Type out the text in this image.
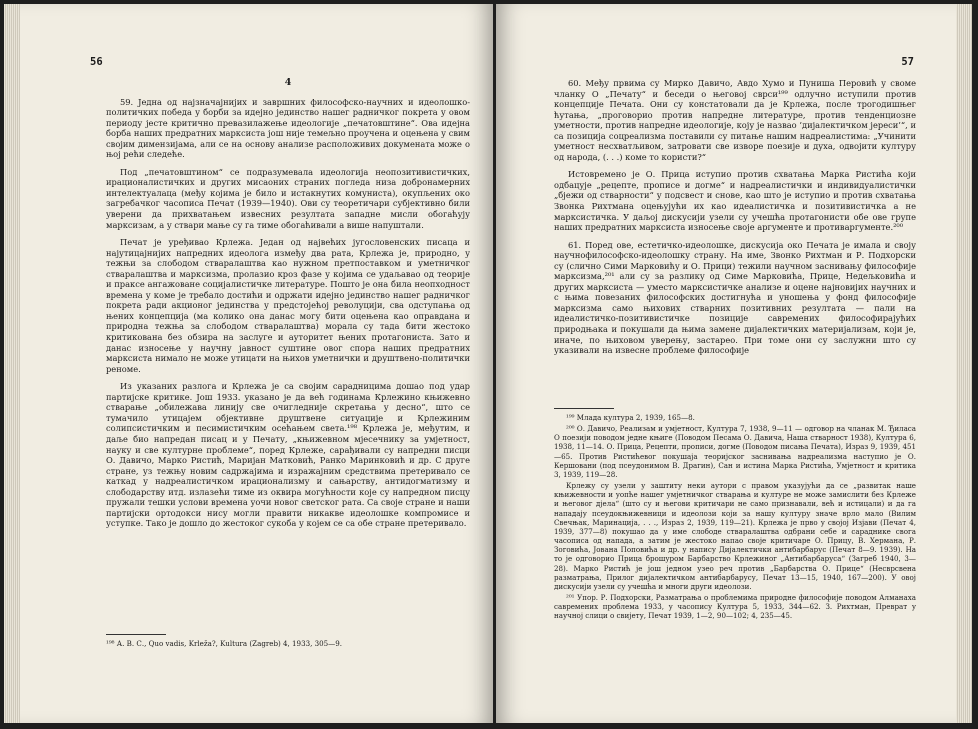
56
4

59. Једна од најзначајнијих и завршних философско-научних и идеолошко-политичких победа у борби за идејно јединство нашег радничког покрета у овом периоду јесте критично превазилажење идеологије „печатовштине“. Ова идејна борба наших предратних марксиста још није темељно проучена и оцењена у свим својим димензијама, али се на основу анализе расположивих докумената може о њој рећи следеће.

Под „печатовштином“ се подразумевала идеологија неопозитивистичких, ирационалистичких и других мисаоних страних погледа низа добронамерних интелектуалаца (међу којима је било и истакнутих комуниста), окупљених око загребачког часописа Печат (1939—1940). Ови су теоретичари субјективно били уверени да прихватањем извесних резултата западне мисли обогаћују марксизам, а у ствари мање су га тиме обогаћивали а више напуштали.

Печат је уређивао Крлежа. Један од највећих југословенских писаца и најутицајнијих напредних идеолога између два рата, Крлежа је, природно, у тежњи за слободом стваралаштва као нужном претпоставком и уметничког стваралаштва и марксизма, пролазио кроз фазе у којима се удаљавао од теорије и праксе ангажоване социјалистичке литературе. Пошто је она била неопходност времена у коме је требало достићи и одржати идејно јединство нашег радничког покрета ради акционог јединства у предстојећој револуцији, сва одступања од њених концепција (ма колико она данас могу бити оцењена као оправдана и природна тежња за слободом стваралаштва) морала су тада бити жестоко критикована без обзира на заслуге и ауторитет њених протагониста. Зато и данас износење у научну јавност суштине овог спора наших предратних марксиста нимало не може утицати на њихов уметнички и друштвено-политички реноме.

Из указаних разлога и Крлежа је са својим сарадницима дошао под удар партијске критике. Још 1933. указано је да већ годинама Крлежино књижевно стварање „обилежава линију све очигледније скретања у десно“, што се тумачило утицајем објективне друштвене ситуације и Крлежиним солипсистичким и песимистичким осећањем света.¹⁹⁸ Крлежа је, међутим, и даље био напредан писац и у Печату, „књижевном мјесечнику за умјетност, науку и све културне проблеме“, поред Крлеже, сарађивали су напредни писци О. Давичо, Марко Ристић, Маријан Матковић, Ранко Маринковић и др. С друге стране, уз тежњу новим садржајима и изражајним средствима претеривало се каткад у надреалистичком ирационализму и сањарству, антидогматизму и слободарству итд. излазећи тиме из оквира могућности које су напредном писцу пружали тешки услови времена уочи новог светског рата. Са своје стране и наши партијски ортодокси нису могли правити никакве идеолошке компромисе и уступке. Тако је дошло до жестоког сукоба у којем се са обе стране претеривало.

¹⁹⁸ А. В. С., Quo vadis, Krleža?, Kultura (Zagreb) 4, 1933, 305—9.

57

60. Међу првима су Мирко Давичо, Авдо Хумо и Пуниша Перовић у своме чланку О „Печату“ и беседи о његовој сврси¹⁹⁹ одлучно иступили против концепције Печата. Они су констатовали да је Крлежа, после трогодишњег ћутања, „проговорио против напредне литературе, против тенденциозне уметности, против напредне идеологије, коју је назвао ’дијалектичком јереси’“, и са позиција соцреализма поставили су питање нашим надреалистима: „Учинити уметност несхватљивом, затровати све изворе поезије и духа, одвојити културу од народа, (. . .) коме то користи?“

Истовремено је О. Прица иступио против схватања Марка Ристића који одбацује „рецепте, прописе и догме“ и надреалистички и индивидуалистички „бјежи од стварности“ у подсвест и снове, као што је иступио и против схватања Звонка Рихтмана оцењујући их као идеалистичка и позитивистичка а не марксистичка. У даљој дискусији узели су учешћа протагонисти обе ове групе наших предратних марксиста износење своје аргументе и противаргументе.²⁰⁰

61. Поред ове, естетичко-идеолошке, дискусија око Печата је имала и своју научнофилософско-идеолошку страну. На име, Звонко Рихтман и Р. Подхорски су (слично Сими Марковићу и О. Прици) тежили научном заснивању философије марксизма,²⁰¹ али су за разлику од Симе Марковића, Прице, Недељковића и других марксиста — уместо марксистичке анализе и оцене најновијих научних и с њима повезаних философских достигнућа и уношења у фонд философије марксизма само њихових стварних позитивних резултата — пали на идеалистичко-позитивистичке позиције савремених философирајућих природњака и покушали да њима замене дијалектичких материјализам, који је, иначе, по њиховом уверењу, застарео. При томе они су заслужни што су указивали на извесне проблеме философије

¹⁹⁹ Млада култура 2, 1939, 165—8.

²⁰⁰ О. Давичо, Реализам и умјетност, Култура 7, 1938, 9—11 — одговор на чланак М. Ђиласа О поезији поводом једне књиге (Поводом Песама О. Давича, Наша стварност 1938), Култура 6, 1938, 11—14. О. Прица, Рецепти, прописи, догме (Поводом писања Печата), Израз 9, 1939, 451—65. Против Ристићевог покушаја теоријског заснивања надреализма наступио је О. Кершовани (под псеудонимом В. Драгин), Сан и истина Марка Ристића, Умјетност и критика 3, 1939, 119—28.

Крлежу су узели у заштиту неки аутори с правом указујући да се „развитак наше књижевности и уопће нашег умјетничког стварања и културе не може замислити без Крлеже и његовог дјела“ (што су и његови критичари не само признавали, већ и истицали) и да га нападају псеудокњижевници и идеолози који за нашу културу значе врло мало (Вилим Свечњак, Маринација, . . ., Израз 2, 1939, 119—21). Крлежа је прво у својој Изјави (Печат 4, 1939, 377—8) покушао да у име слободе стваралаштва одбрани себе и сараднике свога часописа од напада, а затим је жестоко напао своје критичаре О. Прицу, В. Хермана, Р. Зоговића, Јована Поповића и др. у напису Дијалектички антибарбарус (Печат 8—9. 1939). На то је одговорио Прица брошуром Барбарство Крлежиног „Антибарбаруса“ (Загреб 1940, 3—28). Марко Ристић је још једном узео реч против „Барбарства О. Прице“ (Несврсвена разматрања, Прилог дијалектичком антибарбарусу, Печат 13—15, 1940, 167—200). У овој дискусији узели су учешћа и многи други идеолози.

²⁰¹ Упор. Р. Подхорски, Разматрања о проблемима природне философије поводом Алманаха савремених проблема 1933, у часопису Култура 5, 1933, 344—62. З. Рихтман, Преврат у научној слици о свијету, Печат 1939, 1—2, 90—102; 4, 235—45.
